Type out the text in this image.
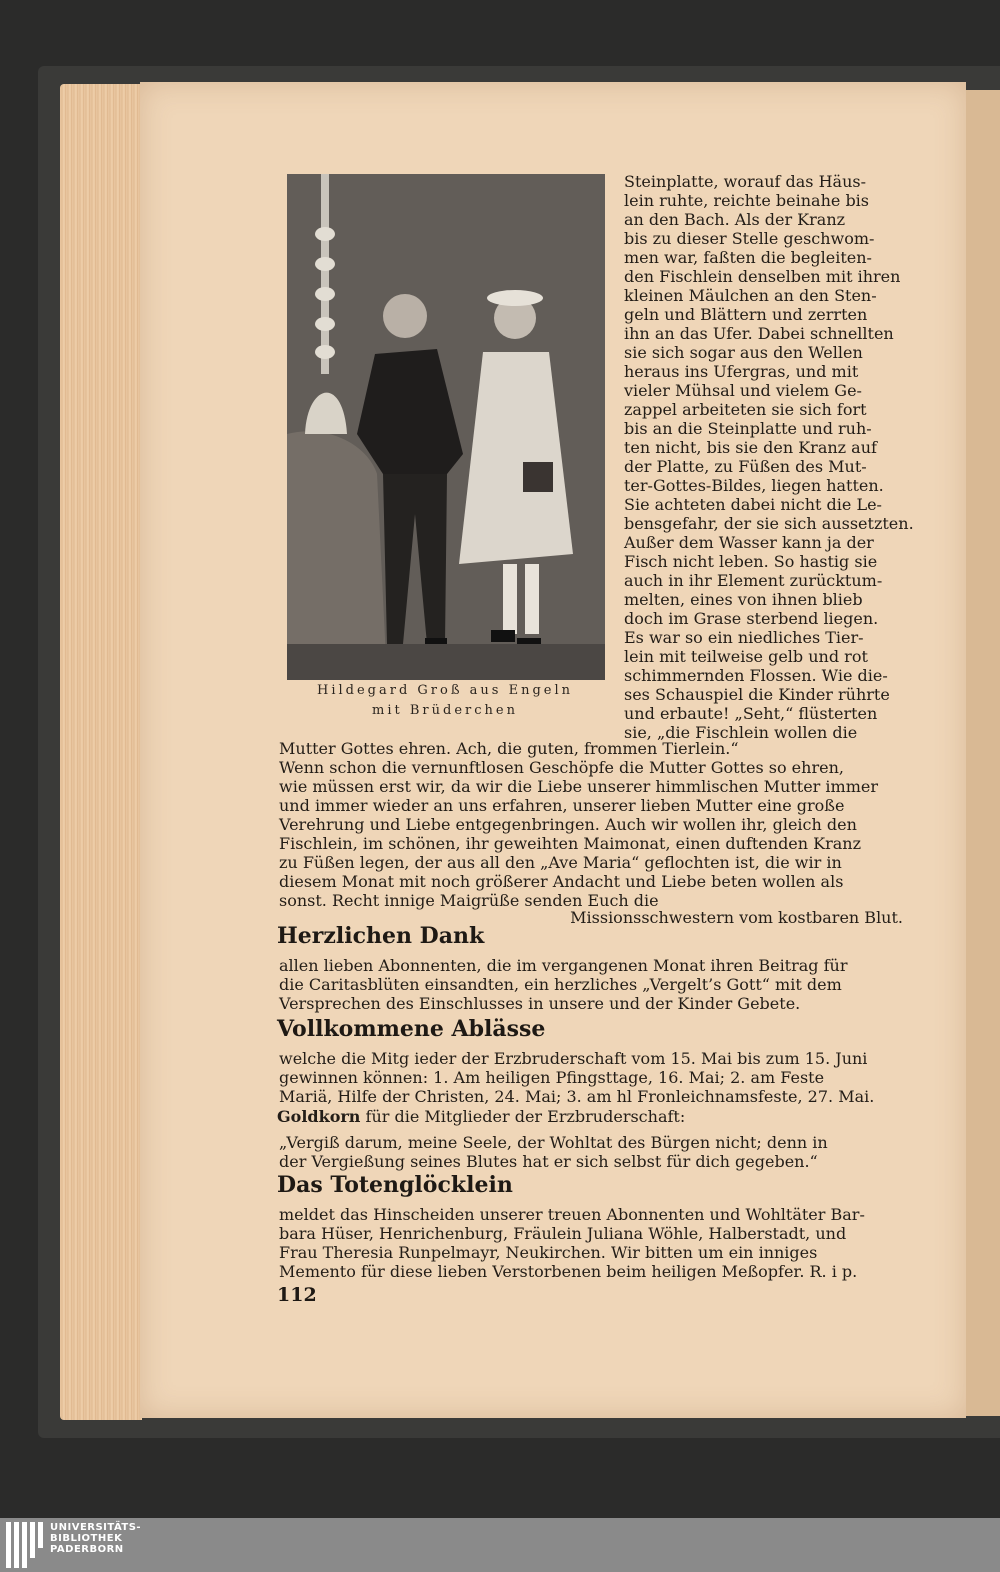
Hildegard Groß aus Engeln
mit Brüderchen
Steinplatte, worauf das Häus-
lein ruhte, reichte beinahe bis
an den Bach. Als der Kranz
bis zu dieser Stelle geschwom-
men war, faßten die begleiten-
den Fischlein denselben mit ihren
kleinen Mäulchen an den Sten-
geln und Blättern und zerrten
ihn an das Ufer. Dabei schnellten
sie sich sogar aus den Wellen
heraus ins Ufergras, und mit
vieler Mühsal und vielem Ge-
zappel arbeiteten sie sich fort
bis an die Steinplatte und ruh-
ten nicht, bis sie den Kranz auf
der Platte, zu Füßen des Mut-
ter-Gottes-Bildes, liegen hatten.
Sie achteten dabei nicht die Le-
bensgefahr, der sie sich aussetzten.
Außer dem Wasser kann ja der
Fisch nicht leben. So hastig sie
auch in ihr Element zurücktum-
melten, eines von ihnen blieb
doch im Grase sterbend liegen.
Es war so ein niedliches Tier-
lein mit teilweise gelb und rot
schimmernden Flossen. Wie die-
ses Schauspiel die Kinder rührte
und erbaute! „Seht,“ flüsterten
sie, „die Fischlein wollen die
Mutter Gottes ehren. Ach, die guten, frommen Tierlein.“
Wenn schon die vernunftlosen Geschöpfe die Mutter Gottes so ehren,
wie müssen erst wir, da wir die Liebe unserer himmlischen Mutter immer
und immer wieder an uns erfahren, unserer lieben Mutter eine große
Verehrung und Liebe entgegenbringen. Auch wir wollen ihr, gleich den
Fischlein, im schönen, ihr geweihten Maimonat, einen duftenden Kranz
zu Füßen legen, der aus all den „Ave Maria“ geflochten ist, die wir in
diesem Monat mit noch größerer Andacht und Liebe beten wollen als
sonst. Recht innige Maigrüße senden Euch die
Missionsschwestern vom kostbaren Blut.
Herzlichen Dank
allen lieben Abonnenten, die im vergangenen Monat ihren Beitrag für
die Caritasblüten einsandten, ein herzliches „Vergelt’s Gott“ mit dem
Versprechen des Einschlusses in unsere und der Kinder Gebete.
Vollkommene Ablässe
welche die Mitg ieder der Erzbruderschaft vom 15. Mai bis zum 15. Juni
gewinnen können: 1. Am heiligen Pfingsttage, 16. Mai; 2. am Feste
Mariä, Hilfe der Christen, 24. Mai; 3. am hl Fronleichnamsfeste, 27. Mai.
Goldkorn für die Mitglieder der Erzbruderschaft:
„Vergiß darum, meine Seele, der Wohltat des Bürgen nicht; denn in
der Vergießung seines Blutes hat er sich selbst für dich gegeben.“
Das Totenglöcklein
meldet das Hinscheiden unserer treuen Abonnenten und Wohltäter Bar-
bara Hüser, Henrichenburg, Fräulein Juliana Wöhle, Halberstadt, und
Frau Theresia Runpelmayr, Neukirchen. Wir bitten um ein inniges
Memento für diese lieben Verstorbenen beim heiligen Meßopfer. R. i p.
112
UNIVERSITÄTS-
BIBLIOTHEK
PADERBORN
